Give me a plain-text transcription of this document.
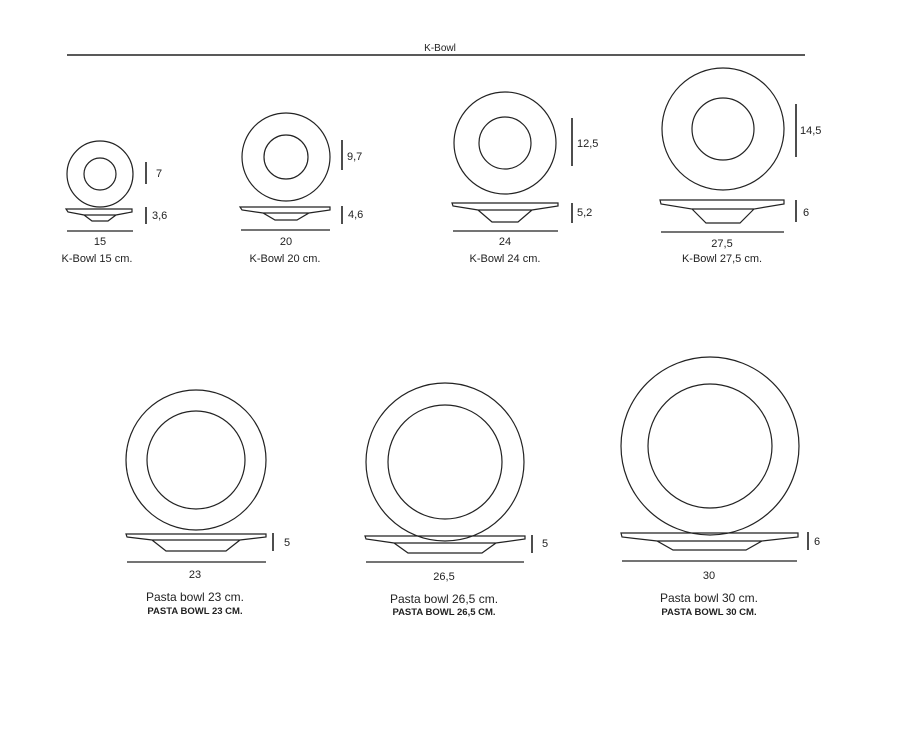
K-Bowl
7
3,6
15
K-Bowl 15 cm.
9,7
4,6
20
K-Bowl 20 cm.
12,5
5,2
24
K-Bowl 24 cm.
14,5
6
27,5
K-Bowl 27,5 cm.
5
23
Pasta bowl 23 cm.
PASTA BOWL 23 CM.
5
26,5
Pasta bowl 26,5 cm.
PASTA BOWL 26,5 CM.
6
30
Pasta bowl 30 cm.
PASTA BOWL 30 CM.
